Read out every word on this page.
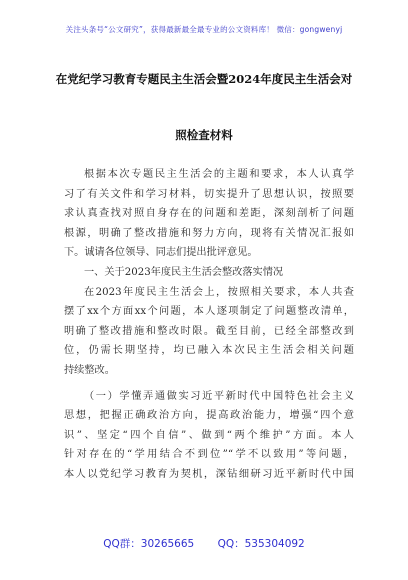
关注头条号“公文研究”，获得最新最全最专业的公文资料库！ 微信：gongwenyj
在党纪学习教育专题民主生活会暨2024年度民主生活会对
照检查材料
根据本次专题民主生活会的主题和要求，本人认真学
习了有关文件和学习材料，切实提升了思想认识，按照要
求认真查找对照自身存在的问题和差距，深刻剖析了问题
根源，明确了整改措施和努力方向，现将有关情况汇报如
下。诚请各位领导、同志们提出批评意见。
一、关于2023年度民主生活会整改落实情况
在2023年度民主生活会上，按照相关要求，本人共查
摆了xx个方面xx个问题，本人逐项制定了问题整改清单，
明确了整改措施和整改时限。截至目前，已经全部整改到
位，仍需长期坚持，均已融入本次民主生活会相关问题
持续整改。
（一）学懂弄通做实习近平新时代中国特色社会主义
思想，把握正确政治方向，提高政治能力，增强“四个意
识”、坚定“四个自信”、做到“两个维护”方面。本人
针对存在的“学用结合不到位”“学不以致用”等问题，
本人以党纪学习教育为契机，深钻细研习近平新时代中国
QQ群：30265665 QQ：535304092
